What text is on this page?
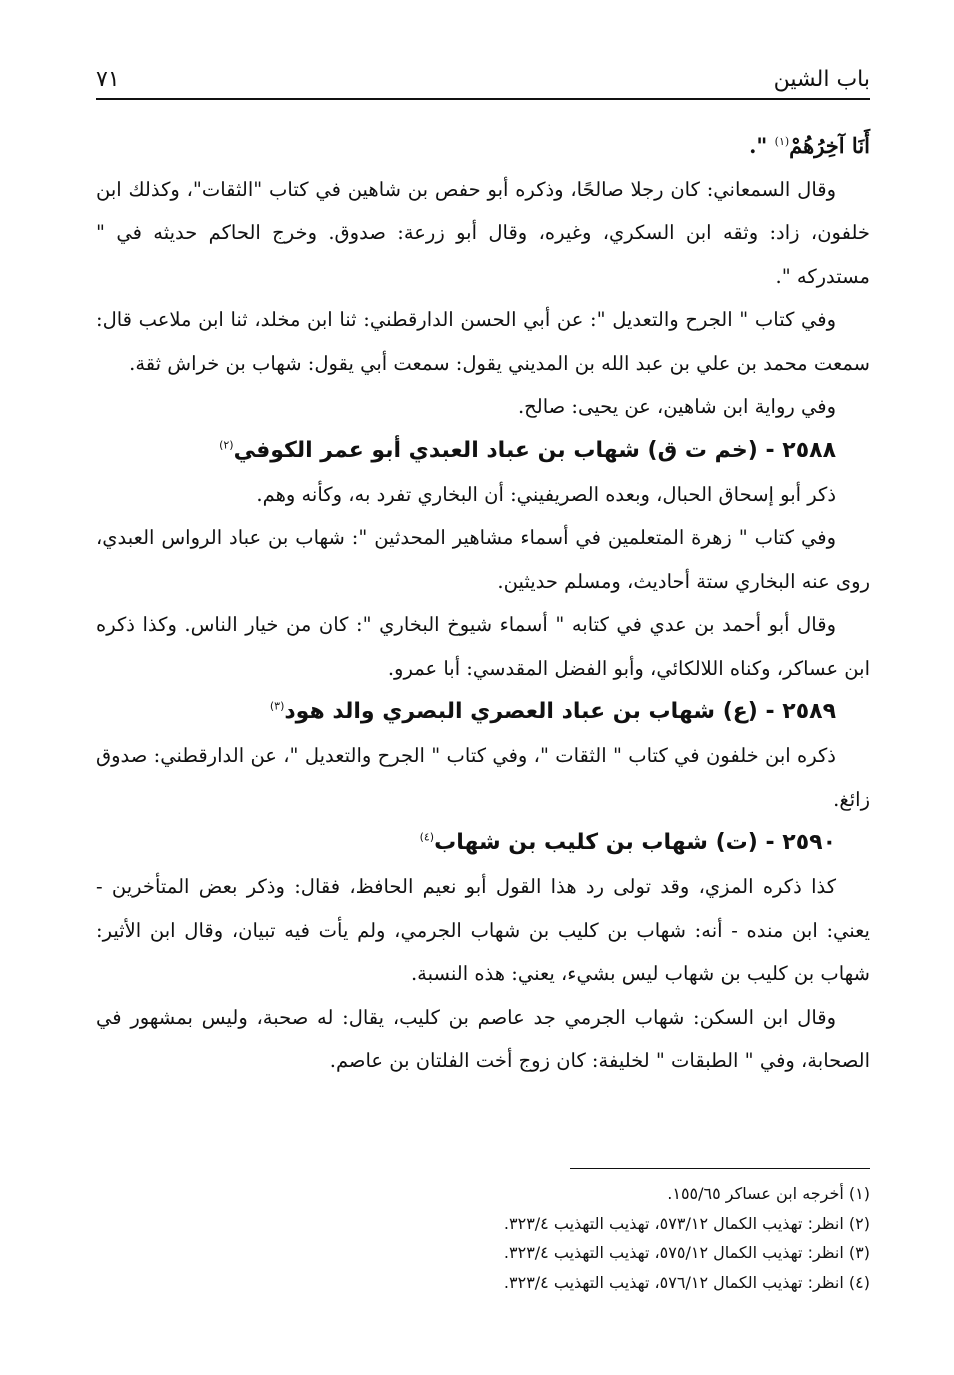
باب الشين
٧١

أَنَا آخِرُهُمْ$^{(١)}$ ".

وقال السمعاني: كان رجلا صالحًا، وذكره أبو حفص بن شاهين في كتاب "الثقات"، وكذلك ابن خلفون، زاد: وثقه ابن السكري، وغيره، وقال أبو زرعة: صدوق. وخرج الحاكم حديثه في " مستدركه ".

وفي كتاب " الجرح والتعديل ": عن أبي الحسن الدارقطني: ثنا ابن مخلد، ثنا ابن ملاعب قال: سمعت محمد بن علي بن عبد الله بن المديني يقول: سمعت أبي يقول: شهاب بن خراش ثقة.

وفي رواية ابن شاهين، عن يحيى: صالح.

٢٥٨٨ - (خم ت ق) شهاب بن عباد العبدي أبو عمر الكوفي$^{(٢)}$

ذكر أبو إسحاق الحبال، وبعده الصريفيني: أن البخاري تفرد به، وكأنه وهم.

وفي كتاب " زهرة المتعلمين في أسماء مشاهير المحدثين ": شهاب بن عباد الرواس العبدي، روى عنه البخاري ستة أحاديث، ومسلم حديثين.

وقال أبو أحمد بن عدي في كتابه " أسماء شيوخ البخاري ": كان من خيار الناس. وكذا ذكره ابن عساكر، وكناه اللالكائي، وأبو الفضل المقدسي: أبا عمرو.

٢٥٨٩ - (ع) شهاب بن عباد العصري البصري والد هود$^{(٣)}$

ذكره ابن خلفون في كتاب " الثقات "، وفي كتاب " الجرح والتعديل "، عن الدارقطني: صدوق زائغ.

٢٥٩٠ - (ت) شهاب بن كليب بن شهاب$^{(٤)}$

كذا ذكره المزي، وقد تولى رد هذا القول أبو نعيم الحافظ، فقال: وذكر بعض المتأخرين - يعني: ابن منده - أنه: شهاب بن كليب بن شهاب الجرمي، ولم يأت فيه تبيان، وقال ابن الأثير: شهاب بن كليب بن شهاب ليس بشيء، يعني: هذه النسبة.

وقال ابن السكن: شهاب الجرمي جد عاصم بن كليب، يقال: له صحبة، وليس بمشهور في الصحابة، وفي " الطبقات " لخليفة: كان زوج أخت الفلتان بن عاصم.

(١) أخرجه ابن عساكر ١٥٥/٦٥.

(٢) انظر: تهذيب الكمال ٥٧٣/١٢، تهذيب التهذيب ٣٢٣/٤.

(٣) انظر: تهذيب الكمال ٥٧٥/١٢، تهذيب التهذيب ٣٢٣/٤.

(٤) انظر: تهذيب الكمال ٥٧٦/١٢، تهذيب التهذيب ٣٢٣/٤.
